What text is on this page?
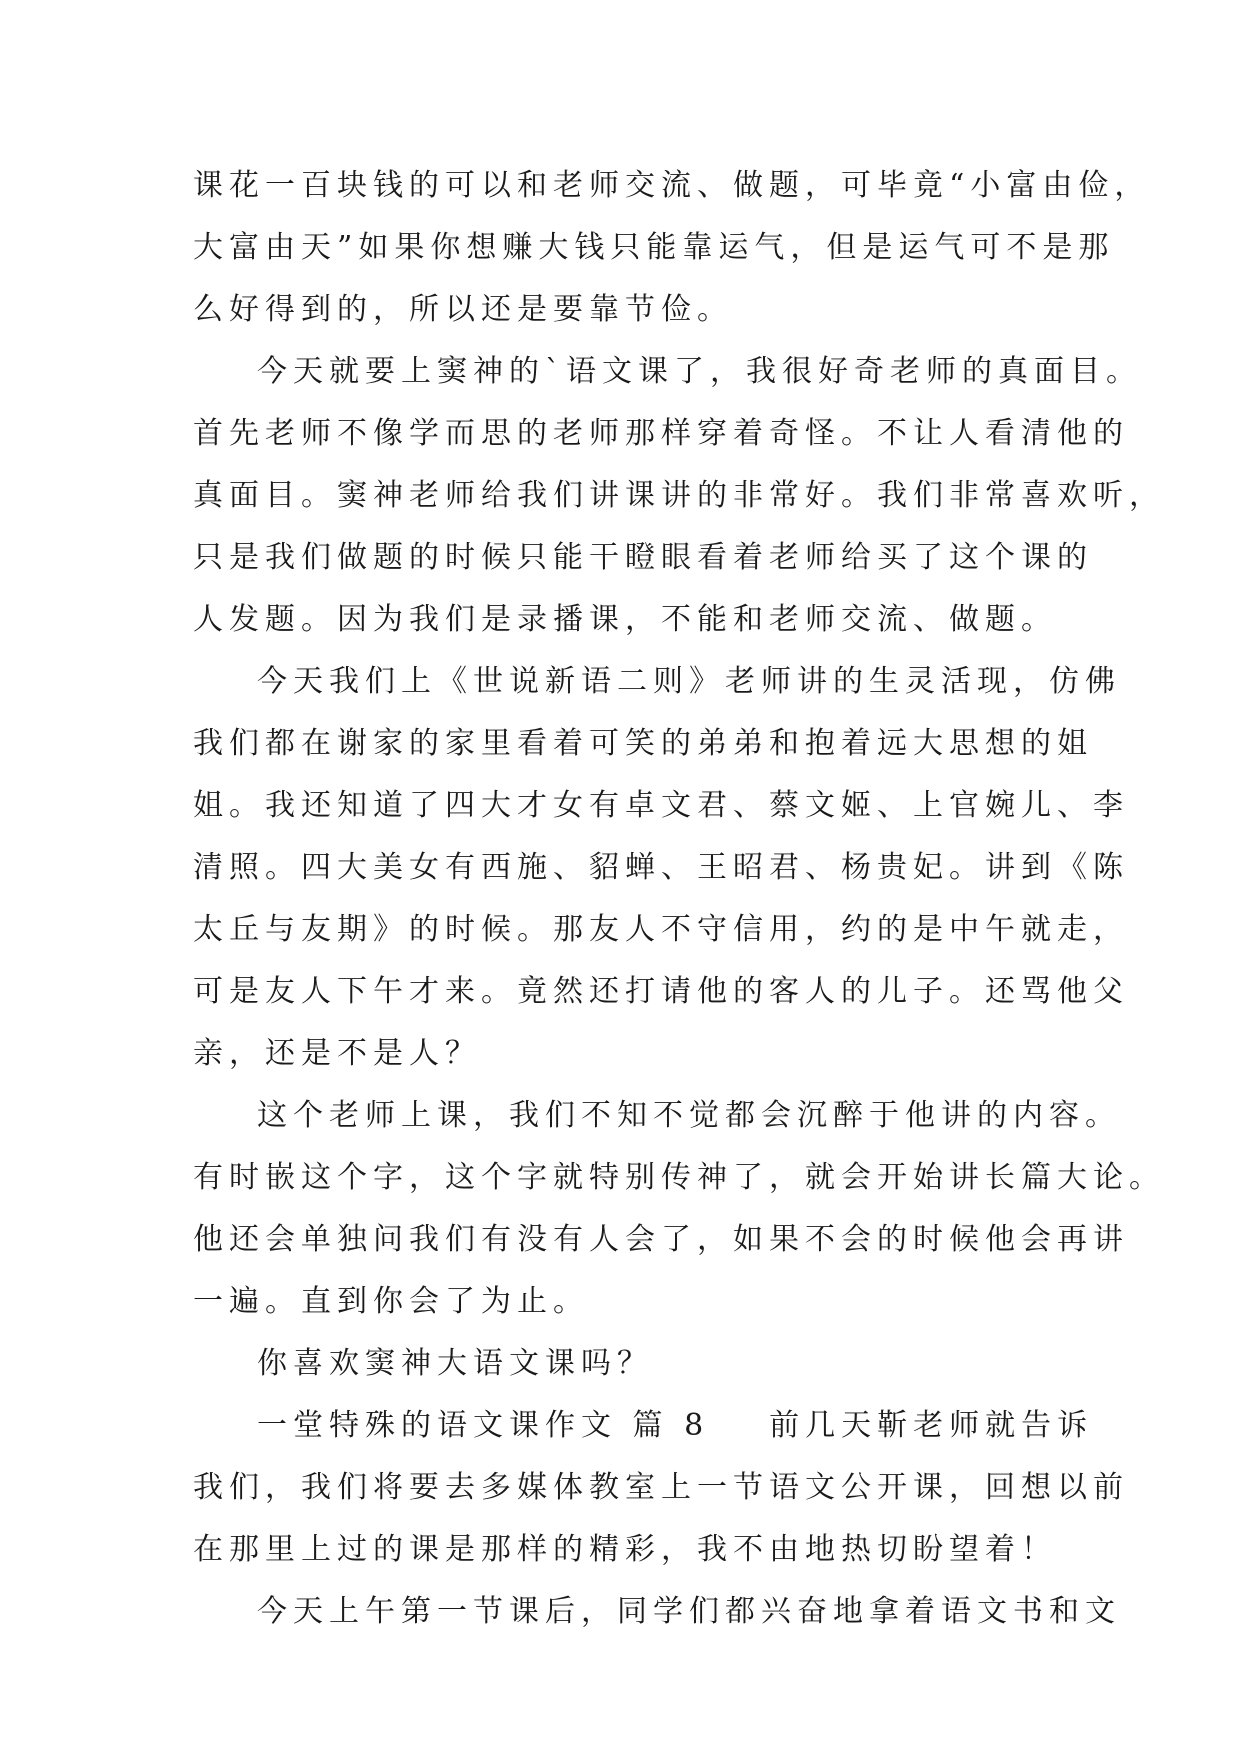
课花一百块钱的可以和老师交流、做题，可毕竟“小富由俭，
大富由天”如果你想赚大钱只能靠运气，但是运气可不是那
么好得到的，所以还是要靠节俭。
今天就要上窦神的`语文课了，我很好奇老师的真面目。
首先老师不像学而思的老师那样穿着奇怪。不让人看清他的
真面目。窦神老师给我们讲课讲的非常好。我们非常喜欢听，
只是我们做题的时候只能干瞪眼看着老师给买了这个课的
人发题。因为我们是录播课，不能和老师交流、做题。
今天我们上《世说新语二则》老师讲的生灵活现，仿佛
我们都在谢家的家里看着可笑的弟弟和抱着远大思想的姐
姐。我还知道了四大才女有卓文君、蔡文姬、上官婉儿、李
清照。四大美女有西施、貂蝉、王昭君、杨贵妃。讲到《陈
太丘与友期》的时候。那友人不守信用，约的是中午就走，
可是友人下午才来。竟然还打请他的客人的儿子。还骂他父
亲，还是不是人？
这个老师上课，我们不知不觉都会沉醉于他讲的内容。
有时嵌这个字，这个字就特别传神了，就会开始讲长篇大论。
他还会单独问我们有没有人会了，如果不会的时候他会再讲
一遍。直到你会了为止。
你喜欢窦神大语文课吗？
一堂特殊的语文课作文 篇 8 前几天靳老师就告诉
我们，我们将要去多媒体教室上一节语文公开课，回想以前
在那里上过的课是那样的精彩，我不由地热切盼望着！
今天上午第一节课后，同学们都兴奋地拿着语文书和文
